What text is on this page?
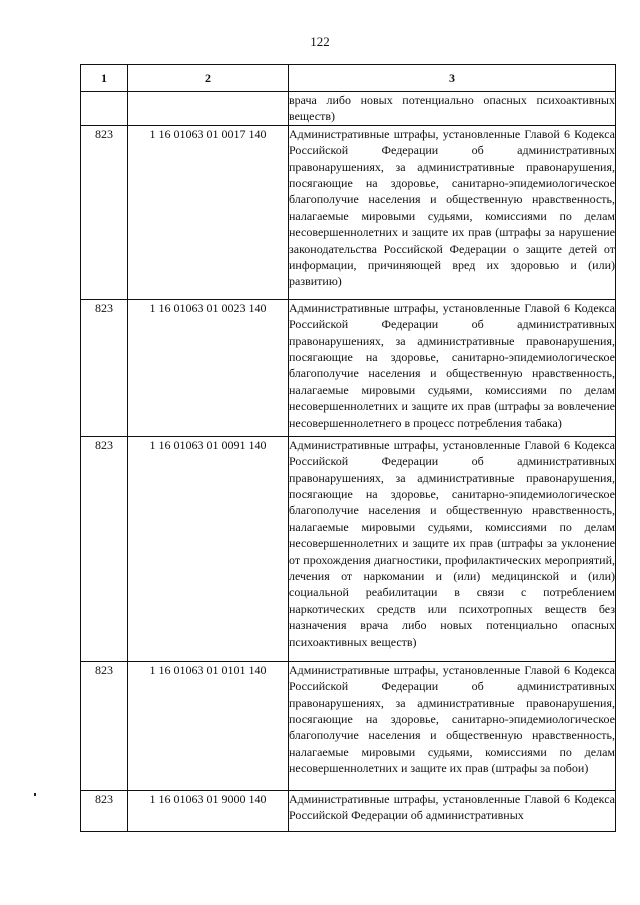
122
1	2	3
		врача либо новых потенциально опасных психоактивных веществ)
823	1 16 01063 01 0017 140	Административные штрафы, установленные Главой 6 Кодекса Российской Федерации об административных правонарушениях, за административные правонарушения, посягающие на здоровье, санитарно-эпидемиологическое благополучие населения и общественную нравственность, налагаемые мировыми судьями, комиссиями по делам несовершеннолетних и защите их прав (штрафы за нарушение законодательства Российской Федерации о защите детей от информации, причиняющей вред их здоровью и (или) развитию)
823	1 16 01063 01 0023 140	Административные штрафы, установленные Главой 6 Кодекса Российской Федерации об административных правонарушениях, за административные правонарушения, посягающие на здоровье, санитарно-эпидемиологическое благополучие населения и общественную нравственность, налагаемые мировыми судьями, комиссиями по делам несовершеннолетних и защите их прав (штрафы за вовлечение несовершеннолетнего в процесс потребления табака)
823	1 16 01063 01 0091 140	Административные штрафы, установленные Главой 6 Кодекса Российской Федерации об административных правонарушениях, за административные правонарушения, посягающие на здоровье, санитарно-эпидемиологическое благополучие населения и общественную нравственность, налагаемые мировыми судьями, комиссиями по делам несовершеннолетних и защите их прав (штрафы за уклонение от прохождения диагностики, профилактических мероприятий, лечения от наркомании и (или) медицинской и (или) социальной реабилитации в связи с потреблением наркотических средств или психотропных веществ без назначения врача либо новых потенциально опасных психоактивных веществ)
823	1 16 01063 01 0101 140	Административные штрафы, установленные Главой 6 Кодекса Российской Федерации об административных правонарушениях, за административные правонарушения, посягающие на здоровье, санитарно-эпидемиологическое благополучие населения и общественную нравственность, налагаемые мировыми судьями, комиссиями по делам несовершеннолетних и защите их прав (штрафы за побои)
823	1 16 01063 01 9000 140	Административные штрафы, установленные Главой 6 Кодекса Российской Федерации об административных
